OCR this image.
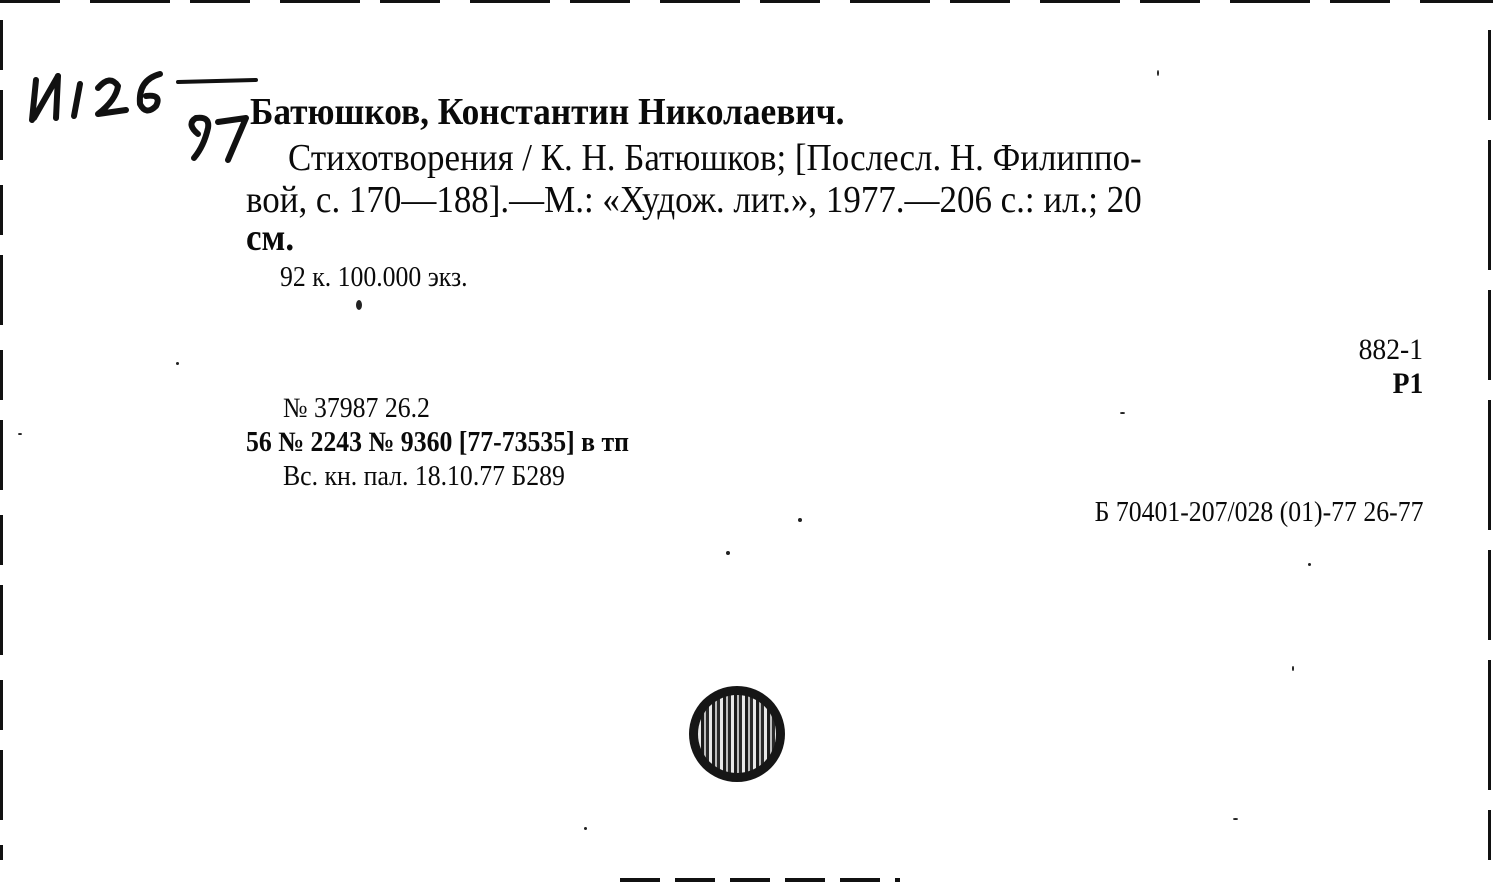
Батюшков, Константин Николаевич.

Стихотворения / К. Н. Батюшков; [Послесл. Н. Филиппо-

вой, с. 170—188].—М.: «Худож. лит.», 1977.—206 с.: ил.; 20

см.

92 к. 100.000 экз.

882-1

Р1

№ 37987 26.2

56 № 2243 № 9360 [77-73535] в тп

Вс. кн. пал. 18.10.77 Б289

Б 70401-207/028 (01)-77 26-77
